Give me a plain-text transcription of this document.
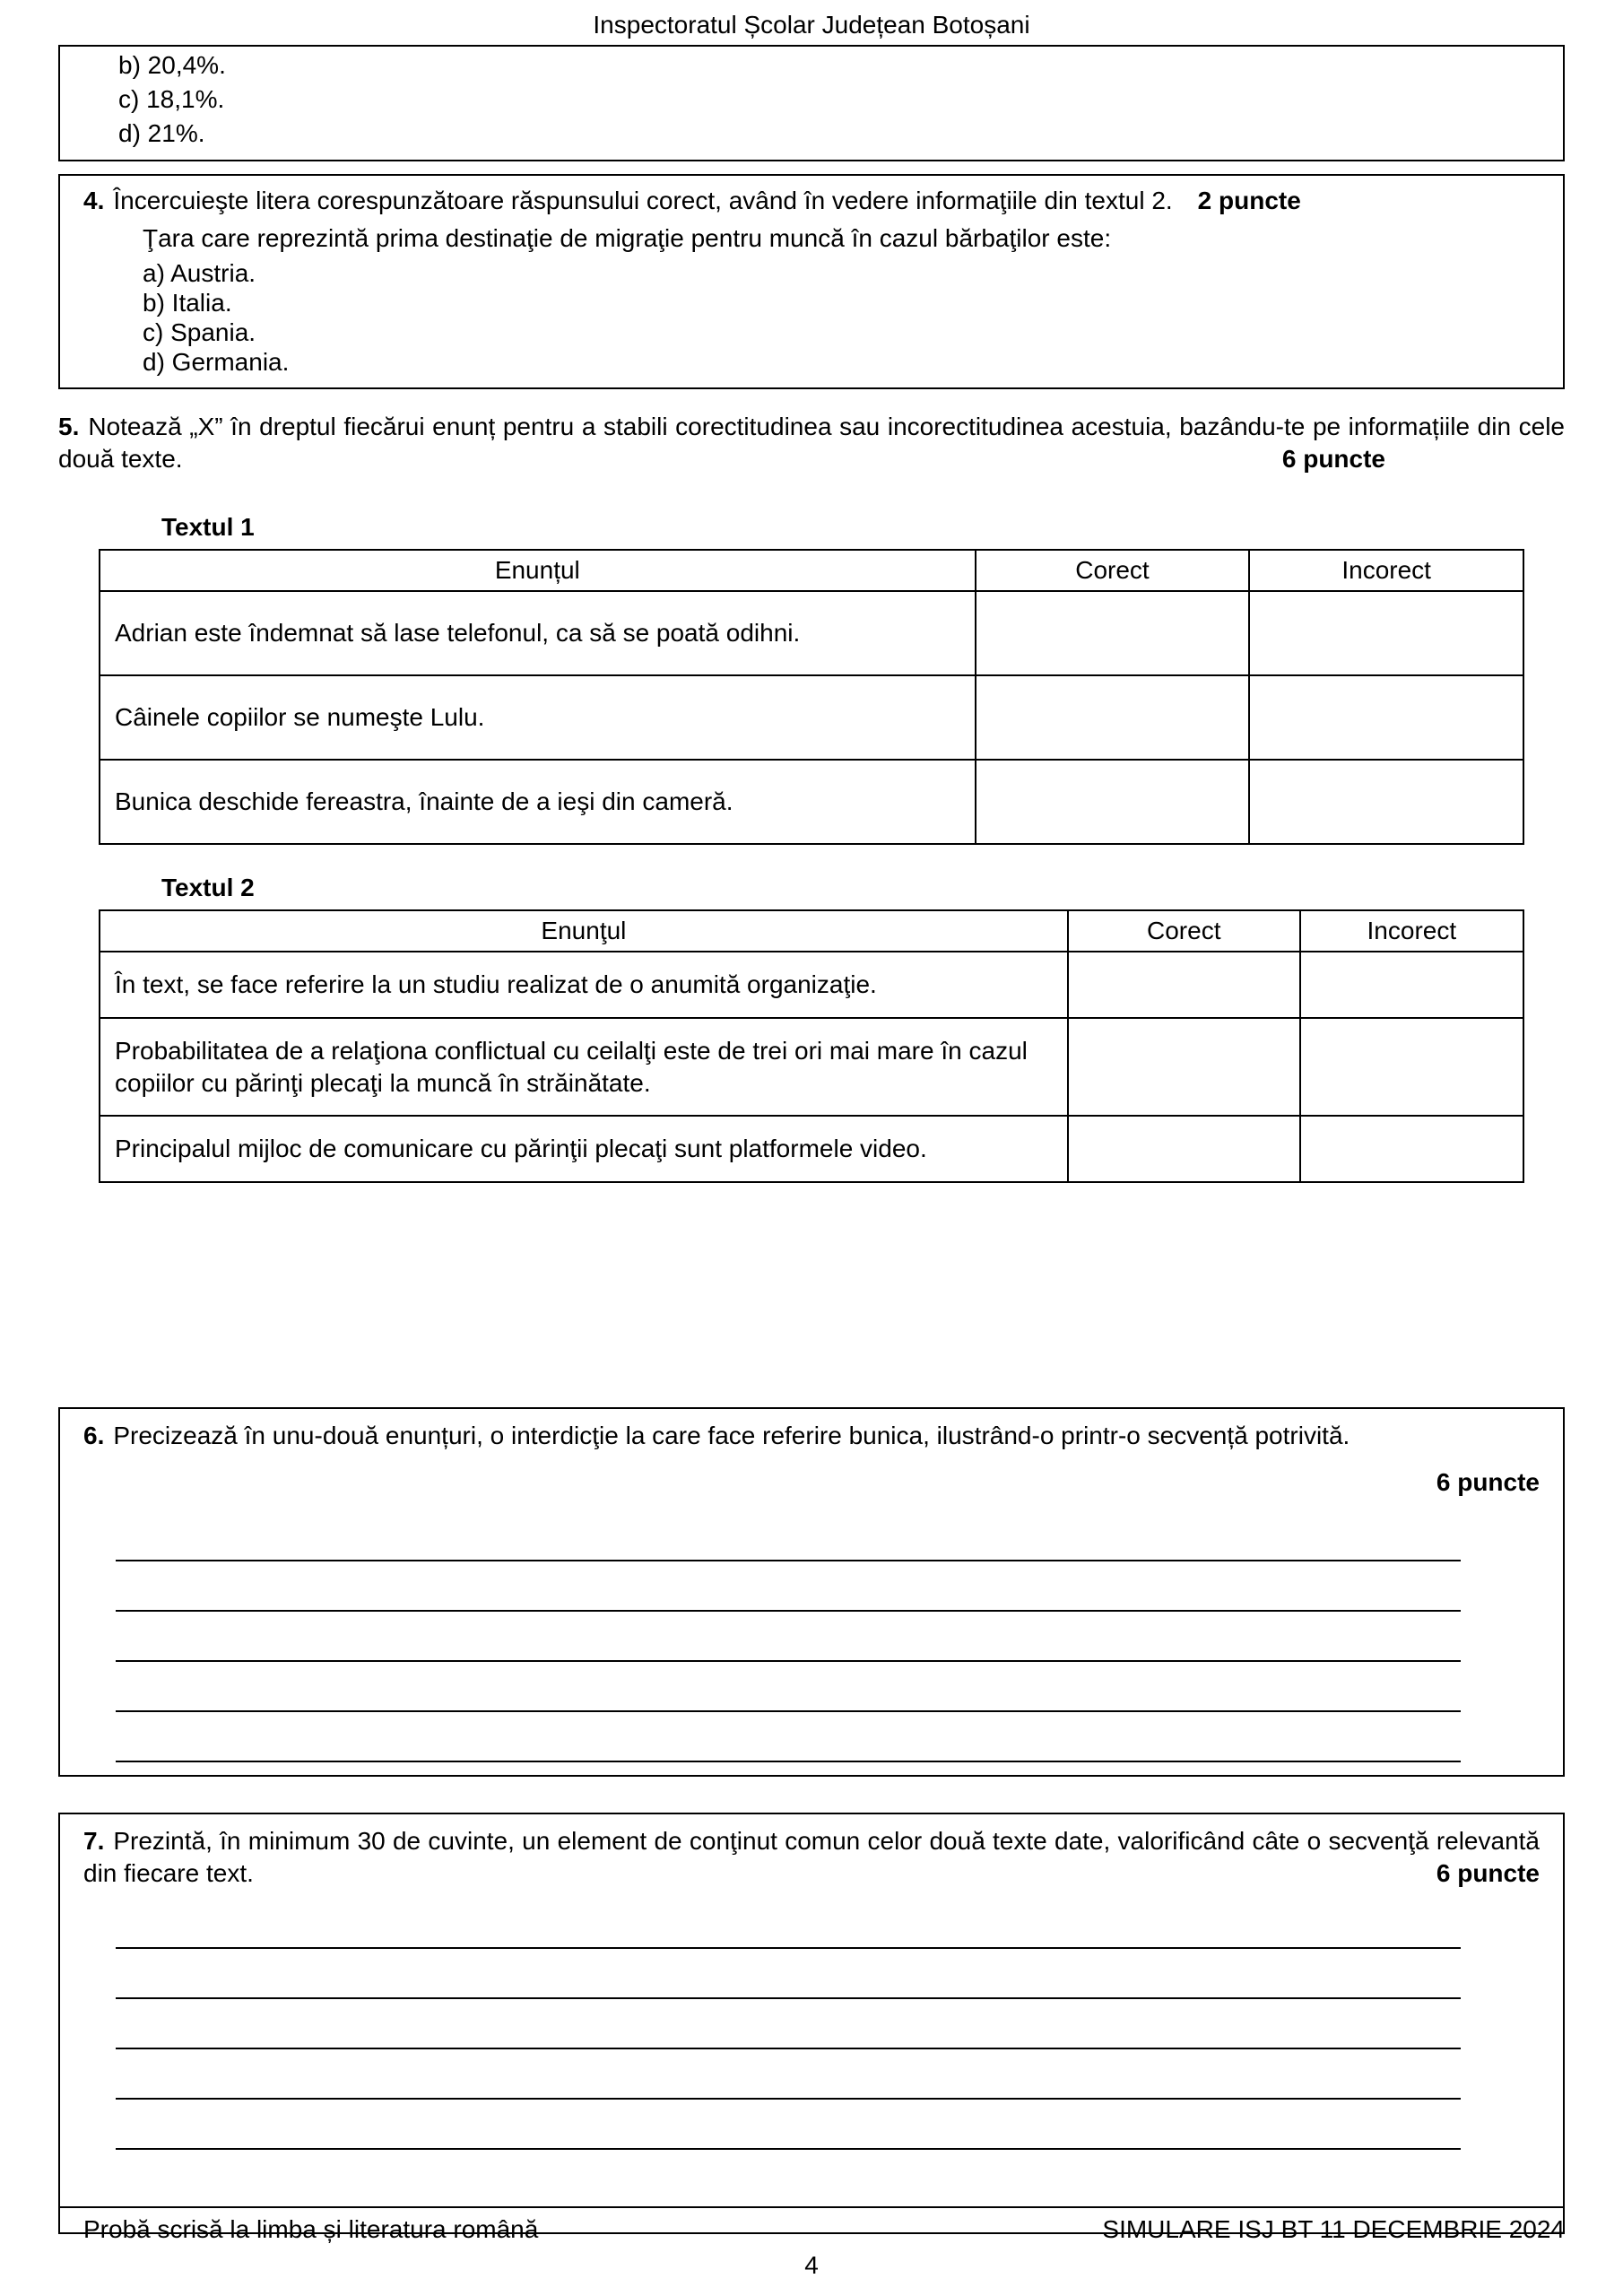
Inspectoratul Școlar Județean Botoșani
b) 20,4%.
c) 18,1%.
d) 21%.
4. Încercuieşte litera corespunzătoare răspunsului corect, având în vedere informaţiile din textul 2. 2 puncte
Ţara care reprezintă prima destinaţie de migraţie pentru muncă în cazul bărbaţilor este:
a) Austria.
b) Italia.
c) Spania.
d) Germania.
5. Notează „X” în dreptul fiecărui enunț pentru a stabili corectitudinea sau incorectitudinea acestuia, bazându-te pe informațiile din cele două texte.	6 puncte
Textul 1
Enunțul	Corect	Incorect
Adrian este îndemnat să lase telefonul, ca să se poată odihni.		
Câinele copiilor se numeşte Lulu.		
Bunica deschide fereastra, înainte de a ieşi din cameră.		
Textul 2
Enunţul	Corect	Incorect
În text, se face referire la un studiu realizat de o anumită organizaţie.		
Probabilitatea de a relaţiona conflictual cu ceilalţi este de trei ori mai mare în cazul copiilor cu părinţi plecaţi la muncă în străinătate.		
Principalul mijloc de comunicare cu părinţii plecaţi sunt platformele video.		
6. Precizează în unu-două enunțuri, o interdicţie la care face referire bunica, ilustrând-o printr-o secvență potrivită.
6 puncte
7. Prezintă, în minimum 30 de cuvinte, un element de conţinut comun celor două texte date, valorificând câte o secvenţă relevantă din fiecare text.	6 puncte
Probă scrisă la limba și literatura română	SIMULARE ISJ BT 11 DECEMBRIE 2024
4
